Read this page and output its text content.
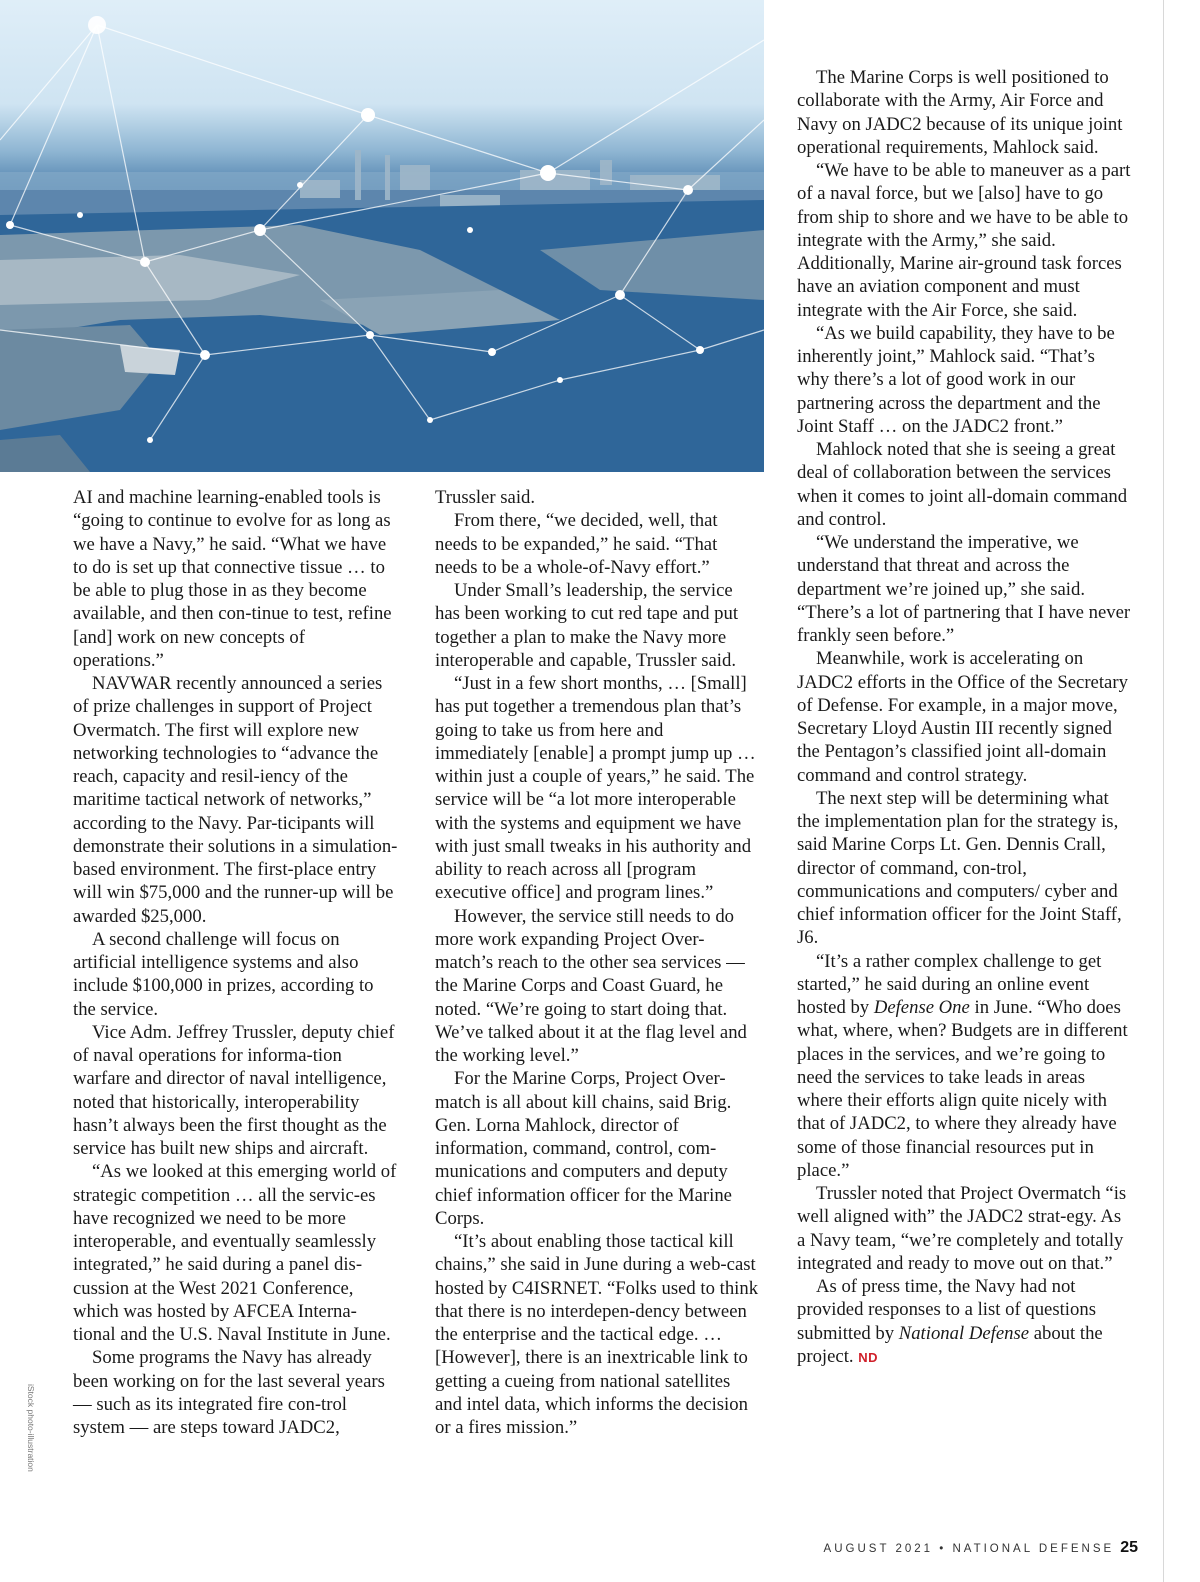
AI and machine learning-enabled tools is “going to continue to evolve for as long as we have a Navy,” he said. “What we have to do is set up that connective tissue … to be able to plug those in as they become available, and then con-tinue to test, refine [and] work on new concepts of operations.”

NAVWAR recently announced a series of prize challenges in support of Project Overmatch. The first will explore new networking technologies to “advance the reach, capacity and resil-iency of the maritime tactical network of networks,” according to the Navy. Par-ticipants will demonstrate their solutions in a simulation-based environment. The first-place entry will win $75,000 and the runner-up will be awarded $25,000.

A second challenge will focus on artificial intelligence systems and also include $100,000 in prizes, according to the service.

Vice Adm. Jeffrey Trussler, deputy chief of naval operations for informa-tion warfare and director of naval intelligence, noted that historically, interoperability hasn’t always been the first thought as the service has built new ships and aircraft.

“As we looked at this emerging world of strategic competition … all the servic-es have recognized we need to be more interoperable, and eventually seamlessly integrated,” he said during a panel dis-cussion at the West 2021 Conference, which was hosted by AFCEA Interna-tional and the U.S. Naval Institute in June.

Some programs the Navy has already been working on for the last several years — such as its integrated fire con-trol system — are steps toward JADC2,

Trussler said.

From there, “we decided, well, that needs to be expanded,” he said. “That needs to be a whole-of-Navy effort.”

Under Small’s leadership, the service has been working to cut red tape and put together a plan to make the Navy more interoperable and capable, Trussler said.

“Just in a few short months, … [Small] has put together a tremendous plan that’s going to take us from here and immediately [enable] a prompt jump up … within just a couple of years,” he said. The service will be “a lot more interoperable with the systems and equipment we have with just small tweaks in his authority and ability to reach across all [program executive office] and program lines.”

However, the service still needs to do more work expanding Project Over-match’s reach to the other sea services — the Marine Corps and Coast Guard, he noted. “We’re going to start doing that. We’ve talked about it at the flag level and the working level.”

For the Marine Corps, Project Over-match is all about kill chains, said Brig. Gen. Lorna Mahlock, director of information, command, control, com-munications and computers and deputy chief information officer for the Marine Corps.

“It’s about enabling those tactical kill chains,” she said in June during a web-cast hosted by C4ISRNET. “Folks used to think that there is no interdepen-dency between the enterprise and the tactical edge. … [However], there is an inextricable link to getting a cueing from national satellites and intel data, which informs the decision or a fires mission.”

The Marine Corps is well positioned to collaborate with the Army, Air Force and Navy on JADC2 because of its unique joint operational requirements, Mahlock said.

“We have to be able to maneuver as a part of a naval force, but we [also] have to go from ship to shore and we have to be able to integrate with the Army,” she said. Additionally, Marine air-ground task forces have an aviation component and must integrate with the Air Force, she said.

“As we build capability, they have to be inherently joint,” Mahlock said. “That’s why there’s a lot of good work in our partnering across the department and the Joint Staff … on the JADC2 front.”

Mahlock noted that she is seeing a great deal of collaboration between the services when it comes to joint all-domain command and control.

“We understand the imperative, we understand that threat and across the department we’re joined up,” she said. “There’s a lot of partnering that I have never frankly seen before.”

Meanwhile, work is accelerating on JADC2 efforts in the Office of the Secretary of Defense. For example, in a major move, Secretary Lloyd Austin III recently signed the Pentagon’s classified joint all-domain command and control strategy.

The next step will be determining what the implementation plan for the strategy is, said Marine Corps Lt. Gen. Dennis Crall, director of command, con-trol, communications and computers/ cyber and chief information officer for the Joint Staff, J6.

“It’s a rather complex challenge to get started,” he said during an online event hosted by Defense One in June. “Who does what, where, when? Budgets are in different places in the services, and we’re going to need the services to take leads in areas where their efforts align quite nicely with that of JADC2, to where they already have some of those financial resources put in place.”

Trussler noted that Project Overmatch “is well aligned with” the JADC2 strat-egy. As a Navy team, “we’re completely and totally integrated and ready to move out on that.”

As of press time, the Navy had not provided responses to a list of questions submitted by National Defense about the project. ND

iStock photo-illustration
AUGUST 2021 • NATIONAL DEFENSE 25
